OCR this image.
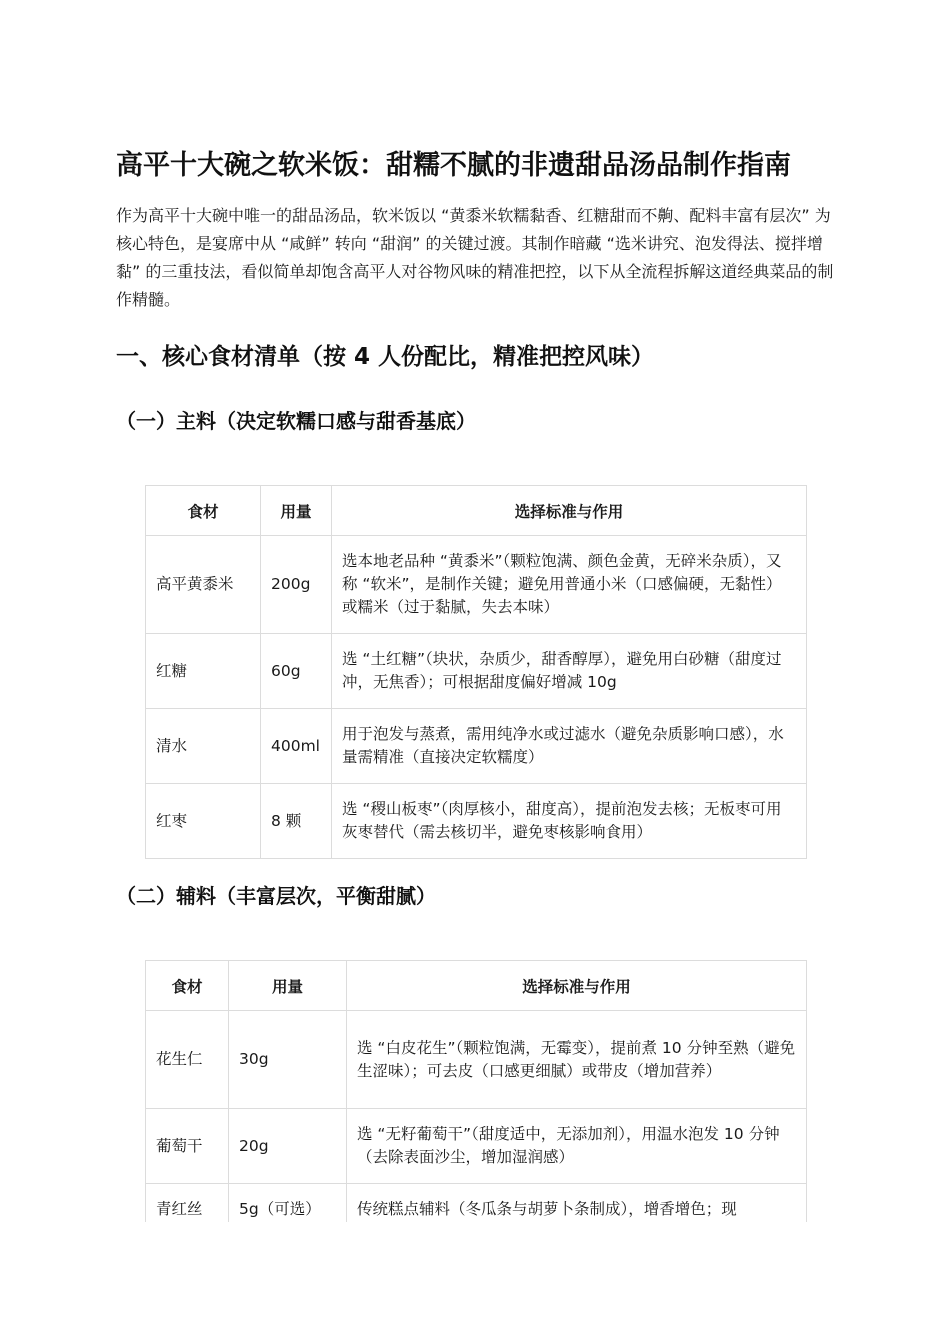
高平十大碗之软米饭：甜糯不腻的非遗甜品汤品制作指南

作为高平十大碗中唯一的甜品汤品，软米饭以 “黄黍米软糯黏香、红糖甜而不齁、配料丰富有层次” 为核心特色，是宴席中从 “咸鲜” 转向 “甜润” 的关键过渡。其制作暗藏 “选米讲究、泡发得法、搅拌增黏” 的三重技法，看似简单却饱含高平人对谷物风味的精准把控，以下从全流程拆解这道经典菜品的制作精髓。

一、核心食材清单（按 4 人份配比，精准把控风味）
（一）主料（决定软糯口感与甜香基底）
食材	用量	选择标准与作用
高平黄黍米	200g	选本地老品种 “黄黍米”（颗粒饱满、颜色金黄，无碎米杂质），又称 “软米”，是制作关键；避免用普通小米（口感偏硬，无黏性）或糯米（过于黏腻，失去本味）
红糖	60g	选 “土红糖”（块状，杂质少，甜香醇厚），避免用白砂糖（甜度过冲，无焦香）；可根据甜度偏好增减 10g
清水	400ml	用于泡发与蒸煮，需用纯净水或过滤水（避免杂质影响口感），水量需精准（直接决定软糯度）
红枣	8 颗	选 “稷山板枣”（肉厚核小，甜度高），提前泡发去核；无板枣可用灰枣替代（需去核切半，避免枣核影响食用）
（二）辅料（丰富层次，平衡甜腻）
食材	用量	选择标准与作用
花生仁	30g	选 “白皮花生”（颗粒饱满，无霉变），提前煮 10 分钟至熟（避免生涩味）；可去皮（口感更细腻）或带皮（增加营养）
葡萄干	20g	选 “无籽葡萄干”（甜度适中，无添加剂），用温水泡发 10 分钟（去除表面沙尘，增加湿润感）
青红丝	5g（可选）	传统糕点辅料（冬瓜条与胡萝卜条制成），增香增色；现
